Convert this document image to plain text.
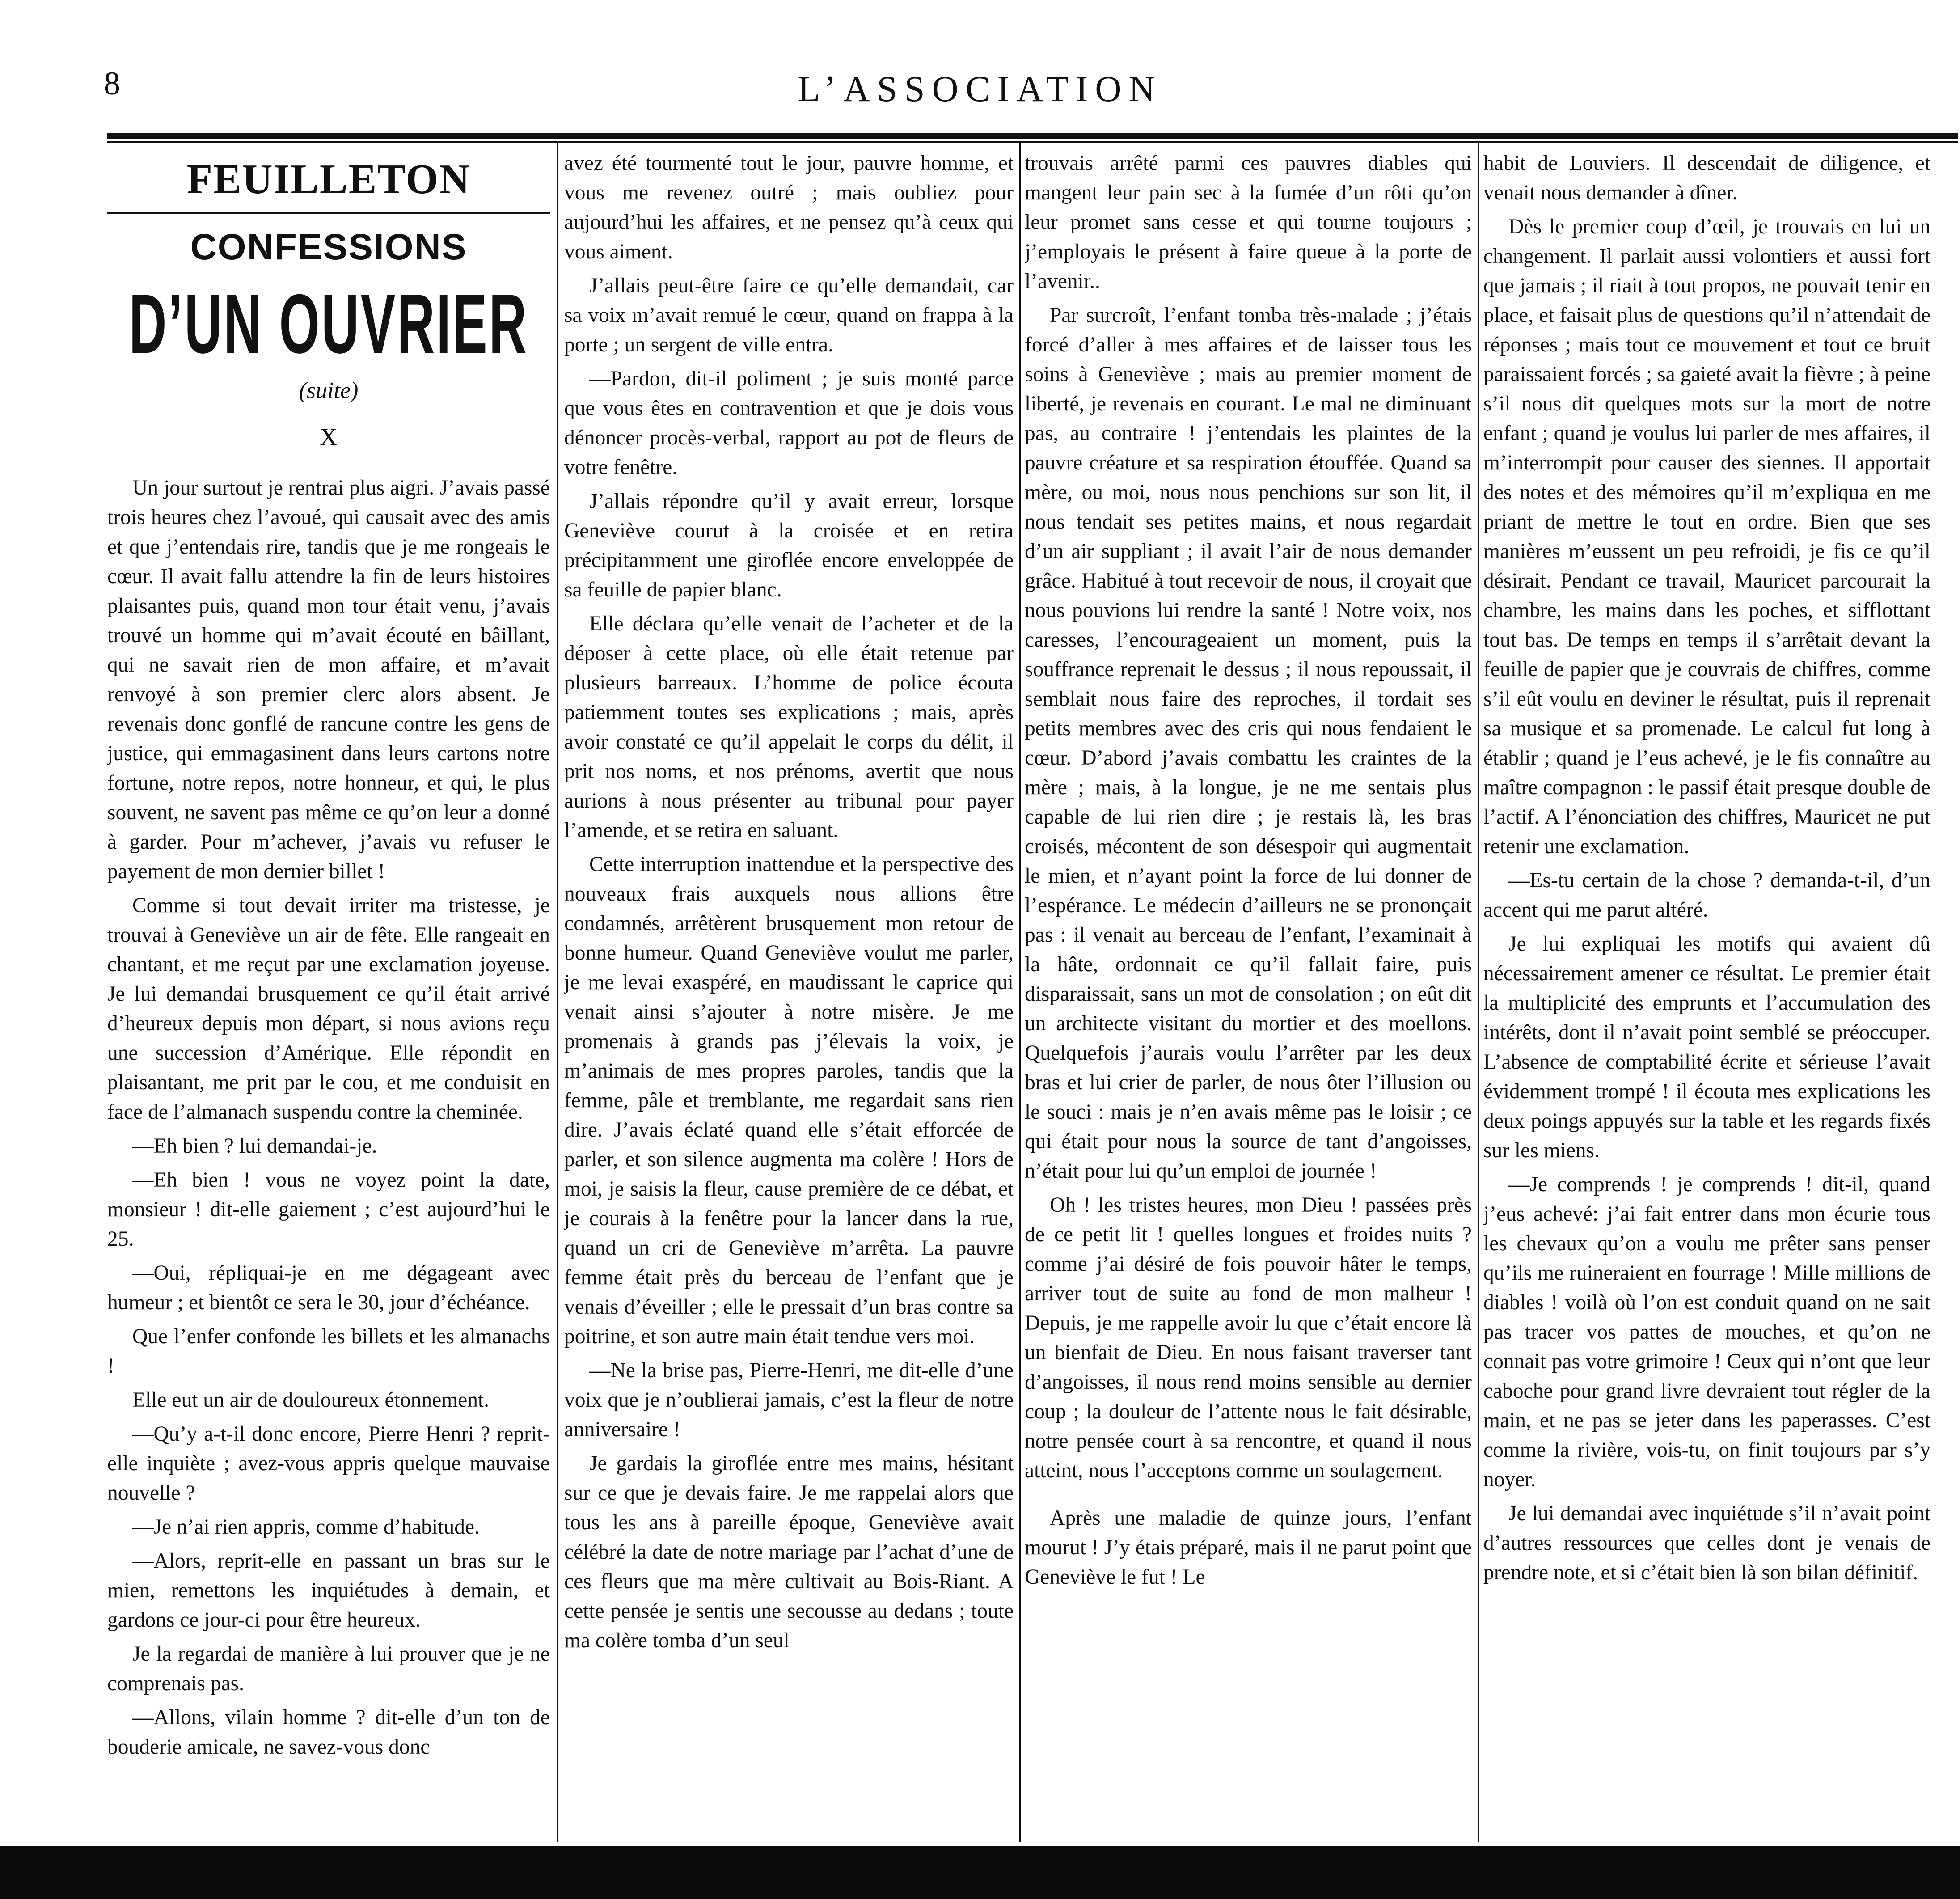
8	L’ASSOCIATION
FEUILLETON
CONFESSIONS
D’UN OUVRIER
(suite)
X

Un jour surtout je rentrai plus aigri. J’avais passé trois heures chez l’avoué, qui causait avec des amis et que j’entendais rire, tandis que je me rongeais le cœur. Il avait fallu attendre la fin de leurs histoires plaisantes puis, quand mon tour était venu, j’avais trouvé un homme qui m’avait écouté en bâillant, qui ne savait rien de mon affaire, et m’avait renvoyé à son premier clerc alors absent. Je revenais donc gonflé de rancune contre les gens de justice, qui emmagasinent dans leurs cartons notre fortune, notre repos, notre honneur, et qui, le plus souvent, ne savent pas même ce qu’on leur a donné à garder. Pour m’achever, j’avais vu refuser le payement de mon dernier billet !

Comme si tout devait irriter ma tristesse, je trouvai à Geneviève un air de fête. Elle rangeait en chantant, et me reçut par une exclamation joyeuse. Je lui demandai brusquement ce qu’il était arrivé d’heureux depuis mon départ, si nous avions reçu une succession d’Amérique. Elle répondit en plaisantant, me prit par le cou, et me conduisit en face de l’almanach suspendu contre la cheminée.

—Eh bien ? lui demandai-je.

—Eh bien ! vous ne voyez point la date, monsieur ! dit-elle gaiement ; c’est aujourd’hui le 25.

—Oui, répliquai-je en me dégageant avec humeur ; et bientôt ce sera le 30, jour d’échéance.

Que l’enfer confonde les billets et les almanachs !

Elle eut un air de douloureux étonnement.

—Qu’y a-t-il donc encore, Pierre Henri ? reprit-elle inquiète ; avez-vous appris quelque mauvaise nouvelle ?

—Je n’ai rien appris, comme d’habitude.

—Alors, reprit-elle en passant un bras sur le mien, remettons les inquiétudes à demain, et gardons ce jour-ci pour être heureux.

Je la regardai de manière à lui prouver que je ne comprenais pas.

—Allons, vilain homme ? dit-elle d’un ton de bouderie amicale, ne savez-vous donc

avez été tourmenté tout le jour, pauvre homme, et vous me revenez outré ; mais oubliez pour aujourd’hui les affaires, et ne pensez qu’à ceux qui vous aiment.

J’allais peut-être faire ce qu’elle demandait, car sa voix m’avait remué le cœur, quand on frappa à la porte ; un sergent de ville entra.

—Pardon, dit-il poliment ; je suis monté parce que vous êtes en contravention et que je dois vous dénoncer procès-verbal, rapport au pot de fleurs de votre fenêtre.

J’allais répondre qu’il y avait erreur, lorsque Geneviève courut à la croisée et en retira précipitamment une giroflée encore enveloppée de sa feuille de papier blanc.

Elle déclara qu’elle venait de l’acheter et de la déposer à cette place, où elle était retenue par plusieurs barreaux. L’homme de police écouta patiemment toutes ses explications ; mais, après avoir constaté ce qu’il appelait le corps du délit, il prit nos noms, et nos prénoms, avertit que nous aurions à nous présenter au tribunal pour payer l’amende, et se retira en saluant.

Cette interruption inattendue et la perspective des nouveaux frais auxquels nous allions être condamnés, arrêtèrent brusquement mon retour de bonne humeur. Quand Geneviève voulut me parler, je me levai exaspéré, en maudissant le caprice qui venait ainsi s’ajouter à notre misère. Je me promenais à grands pas j’élevais la voix, je m’animais de mes propres paroles, tandis que la femme, pâle et tremblante, me regardait sans rien dire. J’avais éclaté quand elle s’était efforcée de parler, et son silence augmenta ma colère ! Hors de moi, je saisis la fleur, cause première de ce débat, et je courais à la fenêtre pour la lancer dans la rue, quand un cri de Geneviève m’arrêta. La pauvre femme était près du berceau de l’enfant que je venais d’éveiller ; elle le pressait d’un bras contre sa poitrine, et son autre main était tendue vers moi.

—Ne la brise pas, Pierre-Henri, me dit-elle d’une voix que je n’oublierai jamais, c’est la fleur de notre anniversaire !

Je gardais la giroflée entre mes mains, hésitant sur ce que je devais faire. Je me rappelai alors que tous les ans à pareille époque, Geneviève avait célébré la date de notre mariage par l’achat d’une de ces fleurs que ma mère cultivait au Bois-Riant. A cette pensée je sentis une secousse au dedans ; toute ma colère tomba d’un seul

trouvais arrêté parmi ces pauvres diables qui mangent leur pain sec à la fumée d’un rôti qu’on leur promet sans cesse et qui tourne toujours ; j’employais le présent à faire queue à la porte de l’avenir..

Par surcroît, l’enfant tomba très-malade ; j’étais forcé d’aller à mes affaires et de laisser tous les soins à Geneviève ; mais au premier moment de liberté, je revenais en courant. Le mal ne diminuant pas, au contraire ! j’entendais les plaintes de la pauvre créature et sa respiration étouffée. Quand sa mère, ou moi, nous nous penchions sur son lit, il nous tendait ses petites mains, et nous regardait d’un air suppliant ; il avait l’air de nous demander grâce. Habitué à tout recevoir de nous, il croyait que nous pouvions lui rendre la santé ! Notre voix, nos caresses, l’encourageaient un moment, puis la souffrance reprenait le dessus ; il nous repoussait, il semblait nous faire des reproches, il tordait ses petits membres avec des cris qui nous fendaient le cœur. D’abord j’avais combattu les craintes de la mère ; mais, à la longue, je ne me sentais plus capable de lui rien dire ; je restais là, les bras croisés, mécontent de son désespoir qui augmentait le mien, et n’ayant point la force de lui donner de l’espérance. Le médecin d’ailleurs ne se prononçait pas : il venait au berceau de l’enfant, l’examinait à la hâte, ordonnait ce qu’il fallait faire, puis disparaissait, sans un mot de consolation ; on eût dit un architecte visitant du mortier et des moellons. Quelquefois j’aurais voulu l’arrêter par les deux bras et lui crier de parler, de nous ôter l’illusion ou le souci : mais je n’en avais même pas le loisir ; ce qui était pour nous la source de tant d’angoisses, n’était pour lui qu’un emploi de journée !

Oh ! les tristes heures, mon Dieu ! passées près de ce petit lit ! quelles longues et froides nuits ? comme j’ai désiré de fois pouvoir hâter le temps, arriver tout de suite au fond de mon malheur ! Depuis, je me rappelle avoir lu que c’était encore là un bienfait de Dieu. En nous faisant traverser tant d’angoisses, il nous rend moins sensible au dernier coup ; la douleur de l’attente nous le fait désirable, notre pensée court à sa rencontre, et quand il nous atteint, nous l’acceptons comme un soulagement.

Après une maladie de quinze jours, l’enfant mourut ! J’y étais préparé, mais il ne parut point que Geneviève le fut ! Le

habit de Louviers. Il descendait de diligence, et venait nous demander à dîner.

Dès le premier coup d’œil, je trouvais en lui un changement. Il parlait aussi volontiers et aussi fort que jamais ; il riait à tout propos, ne pouvait tenir en place, et faisait plus de questions qu’il n’attendait de réponses ; mais tout ce mouvement et tout ce bruit paraissaient forcés ; sa gaieté avait la fièvre ; à peine s’il nous dit quelques mots sur la mort de notre enfant ; quand je voulus lui parler de mes affaires, il m’interrompit pour causer des siennes. Il apportait des notes et des mémoires qu’il m’expliqua en me priant de mettre le tout en ordre. Bien que ses manières m’eussent un peu refroidi, je fis ce qu’il désirait. Pendant ce travail, Mauricet parcourait la chambre, les mains dans les poches, et sifflottant tout bas. De temps en temps il s’arrêtait devant la feuille de papier que je couvrais de chiffres, comme s’il eût voulu en deviner le résultat, puis il reprenait sa musique et sa promenade. Le calcul fut long à établir ; quand je l’eus achevé, je le fis connaître au maître compagnon : le passif était presque double de l’actif. A l’énonciation des chiffres, Mauricet ne put retenir une exclamation.

—Es-tu certain de la chose ? demanda-t-il, d’un accent qui me parut altéré.

Je lui expliquai les motifs qui avaient dû nécessairement amener ce résultat. Le premier était la multiplicité des emprunts et l’accumulation des intérêts, dont il n’avait point semblé se préoccuper. L’absence de comptabilité écrite et sérieuse l’avait évidemment trompé ! il écouta mes explications les deux poings appuyés sur la table et les regards fixés sur les miens.

—Je comprends ! je comprends ! dit-il, quand j’eus achevé: j’ai fait entrer dans mon écurie tous les chevaux qu’on a voulu me prêter sans penser qu’ils me ruineraient en fourrage ! Mille millions de diables ! voilà où l’on est conduit quand on ne sait pas tracer vos pattes de mouches, et qu’on ne connait pas votre grimoire ! Ceux qui n’ont que leur caboche pour grand livre devraient tout régler de la main, et ne pas se jeter dans les paperasses. C’est comme la rivière, vois-tu, on finit toujours par s’y noyer.

Je lui demandai avec inquiétude s’il n’avait point d’autres ressources que celles dont je venais de prendre note, et si c’était bien là son bilan définitif.
